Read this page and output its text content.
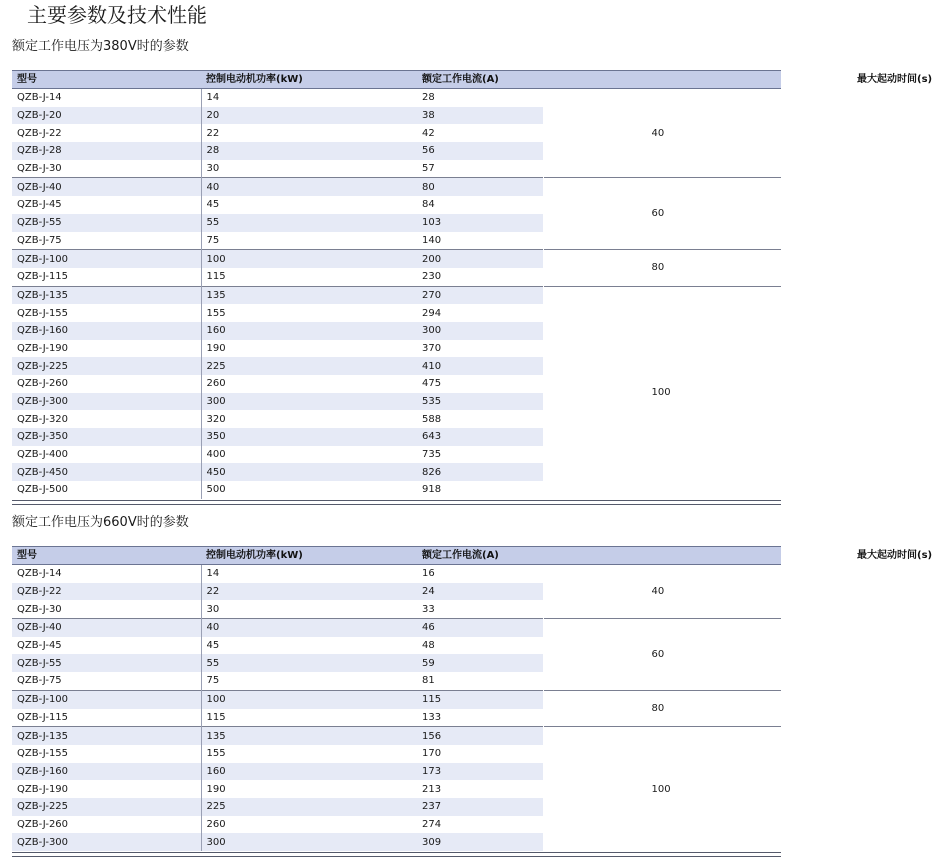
主要参数及技术性能
额定工作电压为380V时的参数
型号	控制电动机功率(kW)	额定工作电流(A) 最大起动时间(s)	

QZB-J-14	14	28	40
QZB-J-20	20	38	
QZB-J-22	22	42	
QZB-J-28	28	56	
QZB-J-30	30	57	
QZB-J-40	40	80	60
QZB-J-45	45	84	
QZB-J-55	55	103	
QZB-J-75	75	140	
QZB-J-100	100	200	80
QZB-J-115	115	230	
QZB-J-135	135	270	100
QZB-J-155	155	294	
QZB-J-160	160	300	
QZB-J-190	190	370	
QZB-J-225	225	410	
QZB-J-260	260	475	
QZB-J-300	300	535	
QZB-J-320	320	588	
QZB-J-350	350	643	
QZB-J-400	400	735	
QZB-J-450	450	826	
QZB-J-500	500	918	
额定工作电压为660V时的参数
型号	控制电动机功率(kW)	额定工作电流(A) 最大起动时间(s)	

QZB-J-14	14	16	40
QZB-J-22	22	24	
QZB-J-30	30	33	
QZB-J-40	40	46	60
QZB-J-45	45	48	
QZB-J-55	55	59	
QZB-J-75	75	81	
QZB-J-100	100	115	80
QZB-J-115	115	133	
QZB-J-135	135	156	100
QZB-J-155	155	170	
QZB-J-160	160	173	
QZB-J-190	190	213	
QZB-J-225	225	237	
QZB-J-260	260	274	
QZB-J-300	300	309	
